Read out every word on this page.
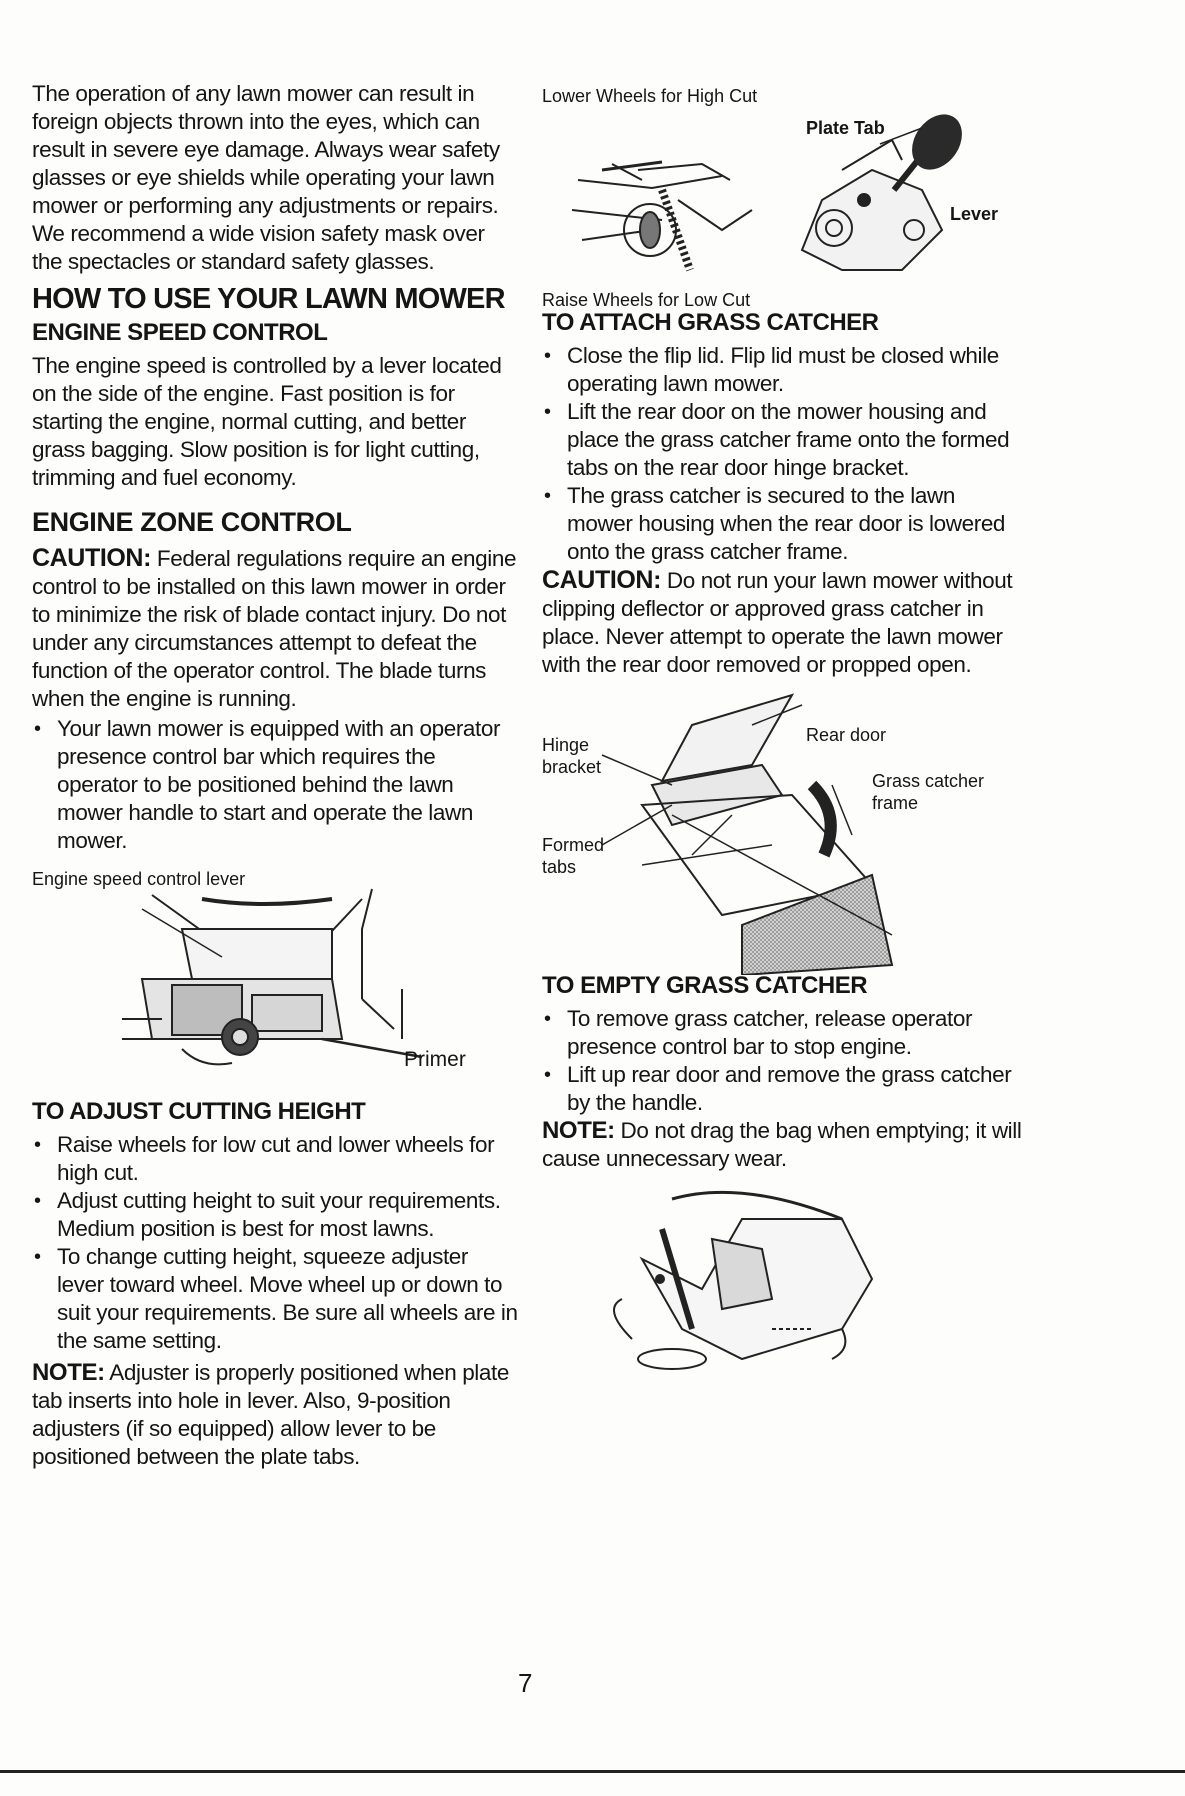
The operation of any lawn mower can result in foreign objects thrown into the eyes, which can result in severe eye damage. Always wear safety glasses or eye shields while operating your lawn mower or performing any adjustments or repairs. We recommend a wide vision safety mask over the spectacles or standard safety glasses.

HOW TO USE YOUR LAWN MOWER
ENGINE SPEED CONTROL

The engine speed is controlled by a lever located on the side of the engine. Fast position is for starting the engine, normal cutting, and better grass bagging. Slow position is for light cutting, trimming and fuel economy.

ENGINE ZONE CONTROL

CAUTION: Federal regulations require an engine control to be installed on this lawn mower in order to minimize the risk of blade contact injury. Do not under any circumstances attempt to defeat the function of the operator control. The blade turns when the engine is running.

• Your lawn mower is equipped with an operator presence control bar which requires the operator to be positioned behind the lawn mower handle to start and operate the lawn mower.
Engine speed control lever
Primer
TO ADJUST CUTTING HEIGHT
• Raise wheels for low cut and lower wheels for high cut.
• Adjust cutting height to suit your requirements. Medium position is best for most lawns.
• To change cutting height, squeeze adjuster lever toward wheel. Move wheel up or down to suit your requirements. Be sure all wheels are in the same setting.

NOTE: Adjuster is properly positioned when plate tab inserts into hole in lever. Also, 9-position adjusters (if so equipped) allow lever to be positioned between the plate tabs.

Lower Wheels for High Cut
Plate Tab
Lever
Raise Wheels for Low Cut
TO ATTACH GRASS CATCHER
• Close the flip lid. Flip lid must be closed while operating lawn mower.
• Lift the rear door on the mower housing and place the grass catcher frame onto the formed tabs on the rear door hinge bracket.
• The grass catcher is secured to the lawn mower housing when the rear door is lowered onto the grass catcher frame.

CAUTION: Do not run your lawn mower without clipping deflector or approved grass catcher in place. Never attempt to operate the lawn mower with the rear door removed or propped open.

Hinge
bracket
Rear door
Grass catcher
frame
Formed
tabs
TO EMPTY GRASS CATCHER
• To remove grass catcher, release operator presence control bar to stop engine.
• Lift up rear door and remove the grass catcher by the handle.

NOTE: Do not drag the bag when emptying; it will cause unnecessary wear.

7
